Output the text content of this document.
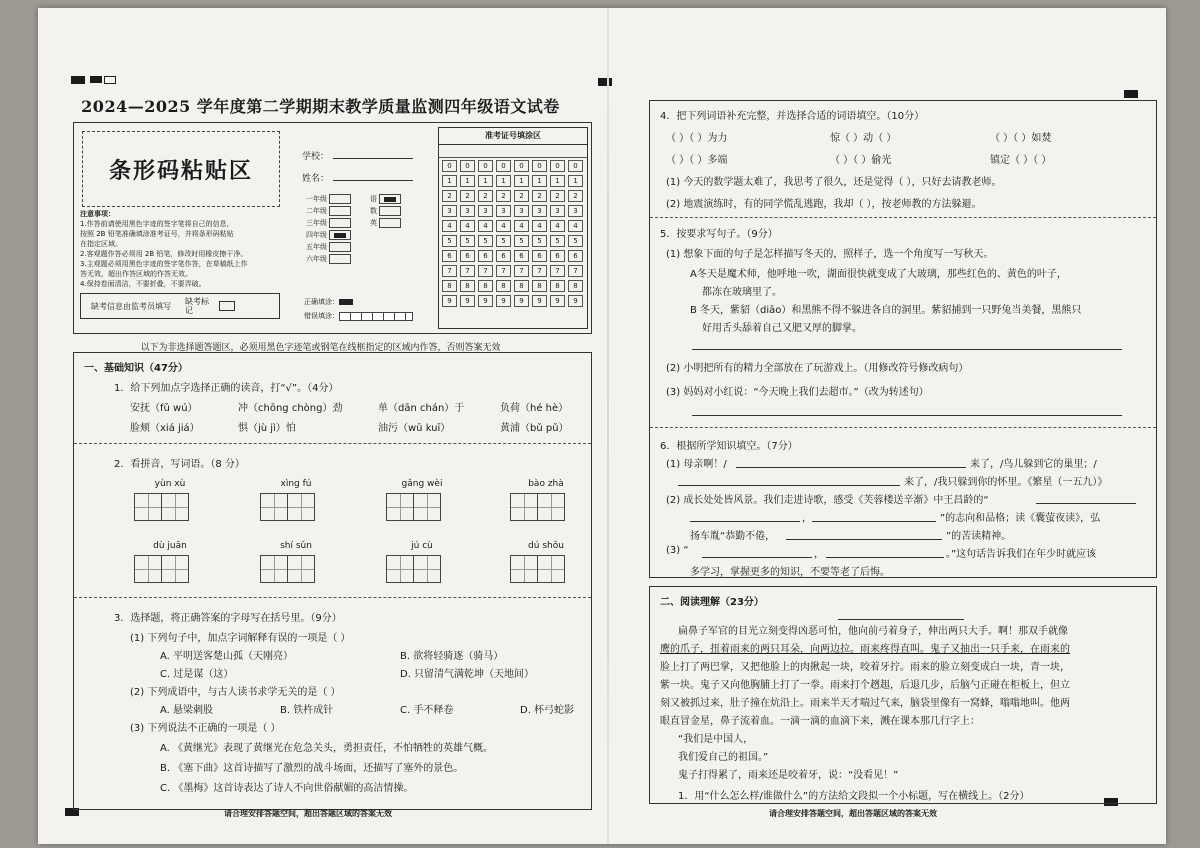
2024—2025 学年度第二学期期末教学质量监测四年级语文试卷
条形码粘贴区
注意事项：
1.作答前请使用黑色字迹的签字笔将自己的信息，
按照 2B 铅笔准确填涂准考证号，并将条形码粘贴
在指定区域。
2.客观题作答必须用 2B 铅笔，修改时用橡皮擦干净。
3.主观题必须用黑色字迹的签字笔作答，在草稿纸上作
答无效，超出作答区域的作答无效。
4.保持卷面清洁，不要折叠，不要弄破。
缺考信息由监考员填写 缺考标记
学校：
姓名：
一年级
二年级
三年级
四年级
五年级
六年级
语
数
英
正确填涂：
错误填涂：
准考证号填涂区
0	0	0	0	0	0	0	0
1	1	1	1	1	1	1	1
2	2	2	2	2	2	2	2
3	3	3	3	3	3	3	3
4	4	4	4	4	4	4	4
5	5	5	5	5	5	5	5
6	6	6	6	6	6	6	6
7	7	7	7	7	7	7	7
8	8	8	8	8	8	8	8
9	9	9	9	9	9	9	9
以下为非选择题答题区，必须用黑色字迹笔或钢笔在线框指定的区域内作答，否则答案无效
一、基础知识（47分）
1．给下列加点字选择正确的读音，打“√”。（4分）
安抚（fǔ wú）	冲（chōng chòng）劲	单（dān chán）于	负荷（hé hè）
脸颊（xiá jiá）	惧（jù jì）怕	油污（wū kuī）	黄浦（bǔ pǔ）
2．看拼音，写词语。（8 分）
yùn xù	xìng fú	gǎng wèi	bào zhà
dù juān	shí sǔn	jú cù	dú shǒu
3．选择题，将正确答案的字母写在括号里。（9分）
(1) 下列句子中，加点字词解释有误的一项是（ ）
A. 平明送客楚山孤（天刚亮）	B. 欲将轻骑逐（骑马）
C. 过是谋（这）	D. 只留清气满乾坤（天地间）
(2) 下列成语中，与古人读书求学无关的是（ ）
A. 悬梁刺股	B. 铁杵成针	C. 手不释卷	D. 杯弓蛇影
(3) 下列说法不正确的一项是（ ）
A. 《黄继光》表现了黄继光在危急关头，勇担责任，不怕牺牲的英雄气概。
B. 《塞下曲》这首诗描写了激烈的战斗场面，还描写了塞外的景色。
C. 《墨梅》这首诗表达了诗人不向世俗献媚的高洁情操。
请合理安排答题空间，超出答题区域的答案无效
4．把下列词语补充完整，并选择合适的词语填空。（10分）
（ ）（ ）为力	惊（ ）动（ ）	（ ）（ ）如焚
（ ）（ ）多端	（ ）（ ）偷光	镇定（ ）（ ）
(1) 今天的数学题太难了，我思考了很久，还是觉得（ ），只好去请教老师。
(2) 地震演练时，有的同学慌乱逃跑，我却（ ），按老师教的方法躲避。
5．按要求写句子。（9分）
(1) 想象下面的句子是怎样描写冬天的，照样子，选一个角度写一写秋天。
A冬天是魔术师，他呼地一吹，湖面很快就变成了大玻璃，那些红色的、黄色的叶子，
都冻在玻璃里了。
B 冬天，紫貂（diāo）和黑熊不得不躲进各自的洞里。紫貂捕到一只野兔当美餐，黑熊只
好用舌头舔着自己又肥又厚的脚掌。
(2) 小明把所有的精力全部放在了玩游戏上。（用修改符号修改病句）
(3) 妈妈对小红说：“今天晚上我们去超市。”（改为转述句）
6．根据所学知识填空。（7分）
(1) 母亲啊！/	来了，/鸟儿躲到它的巢里；/
来了，/我只躲到你的怀里。《繁星（一五九）》
(2) 成长处处皆风景。我们走进诗歌，感受《芙蓉楼送辛渐》中王昌龄的“
，	”的志向和品格；读《囊萤夜读》，弘
扬车胤“恭勤不倦，	”的苦读精神。
(3) “	，	。”这句话告诉我们在年少时就应该
多学习，掌握更多的知识，不要等老了后悔。
二、阅读理解（23分）
扁鼻子军官的目光立刻变得凶恶可怕，他向前弓着身子，伸出两只大手。啊！那双手就像
鹰的爪子，扭着雨来的两只耳朵，向两边拉。雨来疼得直叫。鬼子又抽出一只手来，在雨来的
脸上打了两巴掌，又把他脸上的肉揪起一块，咬着牙拧。雨来的脸立刻变成白一块，青一块，
紫一块。鬼子又向他胸脯上打了一拳。雨来打个趔趄，后退几步，后脑勺正碰在柜板上，但立
刻又被抓过来，肚子撞在炕沿上。雨来半天才喘过气来，脑袋里像有一窝蜂，嗡嗡地叫。他两
眼直冒金星，鼻子流着血。一滴一滴的血滴下来，溅在课本那几行字上：
“我们是中国人，
我们爱自己的祖国。”
鬼子打得累了，雨来还是咬着牙，说：“没看见！”
1．用“什么怎么样/谁做什么”的方法给文段拟一个小标题，写在横线上。（2分）
请合理安排答题空间，超出答题区域的答案无效
